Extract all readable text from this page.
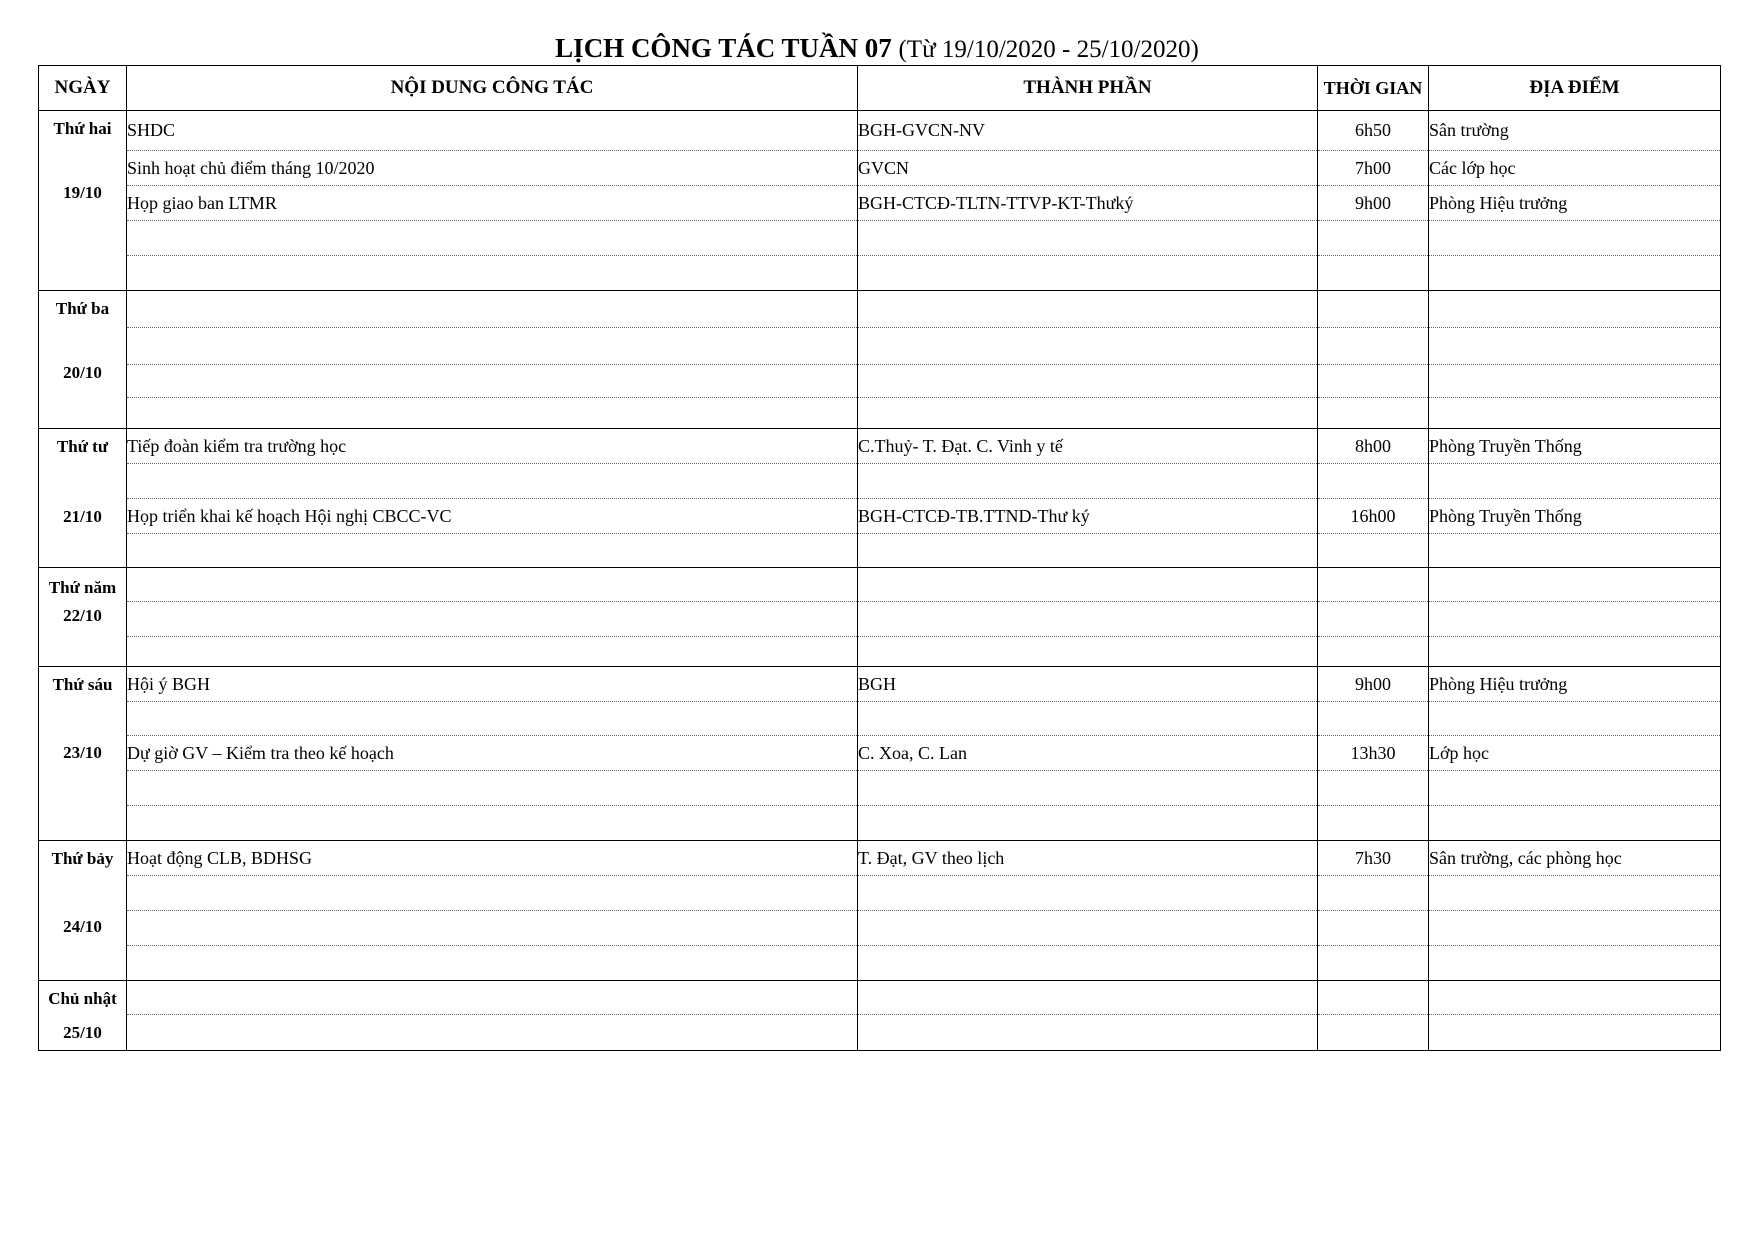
LỊCH CÔNG TÁC TUẦN 07 (Từ 19/10/2020 - 25/10/2020)
NGÀY	NỘI DUNG CÔNG TÁC	THÀNH PHẦN	THỜI GIAN	ĐỊA ĐIỂM

Thứ hai
19/10	SHDC	BGH-GVCN-NV	6h50	Sân trường
	Sinh hoạt chủ điểm tháng 10/2020	GVCN	7h00	Các lớp học
	Họp giao ban LTMR	BGH-CTCĐ-TLTN-TTVP-KT-Thưký	9h00	Phòng Hiệu trưởng

Thứ ba
20/10				

Thứ tư
21/10	Tiếp đoàn kiểm tra trường học	C.Thuỷ- T. Đạt. C. Vinh y tế	8h00	Phòng Truyền Thống

	Họp triển khai kế hoạch Hội nghị CBCC-VC	BGH-CTCĐ-TB.TTND-Thư ký	16h00	Phòng Truyền Thống

Thứ năm
22/10				

Thứ sáu
23/10	Hội ý BGH	BGH	9h00	Phòng Hiệu trưởng

	Dự giờ GV – Kiểm tra theo kế hoạch	C. Xoa, C. Lan	13h30	Lớp học

Thứ bảy
24/10	Hoạt động CLB, BDHSG	T. Đạt, GV theo lịch	7h30	Sân trường, các phòng học

Chủ nhật
25/10				
